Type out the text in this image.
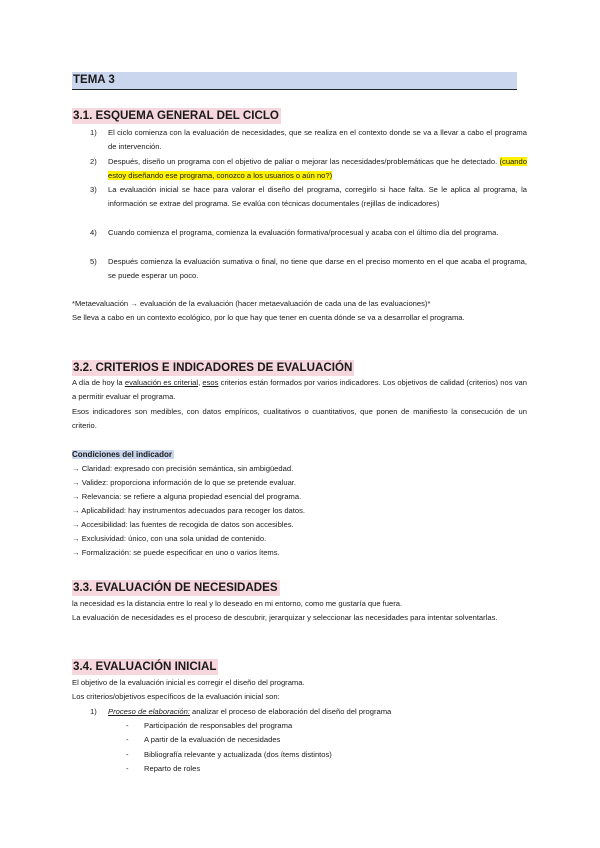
TEMA 3
3.1. ESQUEMA GENERAL DEL CICLO
1) El ciclo comienza con la evaluación de necesidades, que se realiza en el contexto donde se va a llevar a cabo el programa de intervención.

2) Después, diseño un programa con el objetivo de paliar o mejorar las necesidades/problemáticas que he detectado. (cuando estoy diseñando ese programa, conozco a los usuarios o aún no?)

3) La evaluación inicial se hace para valorar el diseño del programa, corregirlo si hace falta. Se le aplica al programa, la información se extrae del programa. Se evalúa con técnicas documentales (rejillas de indicadores)

4) Cuando comienza el programa, comienza la evaluación formativa/procesual y acaba con el último día del programa.

5) Después comienza la evaluación sumativa o final, no tiene que darse en el preciso momento en el que acaba el programa, se puede esperar un poco.

*Metaevaluación → evaluación de la evaluación (hacer metaevaluación de cada una de las evaluaciones)*

Se lleva a cabo en un contexto ecológico, por lo que hay que tener en cuenta dónde se va a desarrollar el programa.

3.2. CRITERIOS E INDICADORES DE EVALUACIÓN

A día de hoy la evaluación es criterial, esos criterios están formados por varios indicadores. Los objetivos de calidad (criterios) nos van a permitir evaluar el programa.

Esos indicadores son medibles, con datos empíricos, cualitativos o cuantitativos, que ponen de manifiesto la consecución de un criterio.

Condiciones del indicador

→ Claridad: expresado con precisión semántica, sin ambigüedad.

→ Validez: proporciona información de lo que se pretende evaluar.

→ Relevancia: se refiere a alguna propiedad esencial del programa.

→ Aplicabilidad: hay instrumentos adecuados para recoger los datos.

→ Accesibilidad: las fuentes de recogida de datos son accesibles.

→ Exclusividad: único, con una sola unidad de contenido.

→ Formalización: se puede especificar en uno o varios ítems.

3.3. EVALUACIÓN DE NECESIDADES

la necesidad es la distancia entre lo real y lo deseado en mi entorno, como me gustaría que fuera.

La evaluación de necesidades es el proceso de descubrir, jerarquizar y seleccionar las necesidades para intentar solventarlas.

3.4. EVALUACIÓN INICIAL

El objetivo de la evaluación inicial es corregir el diseño del programa.

Los criterios/objetivos específicos de la evaluación inicial son:

1) Proceso de elaboración: analizar el proceso de elaboración del diseño del programa

- Participación de responsables del programa

- A partir de la evaluación de necesidades

- Bibliografía relevante y actualizada (dos ítems distintos)

- Reparto de roles
